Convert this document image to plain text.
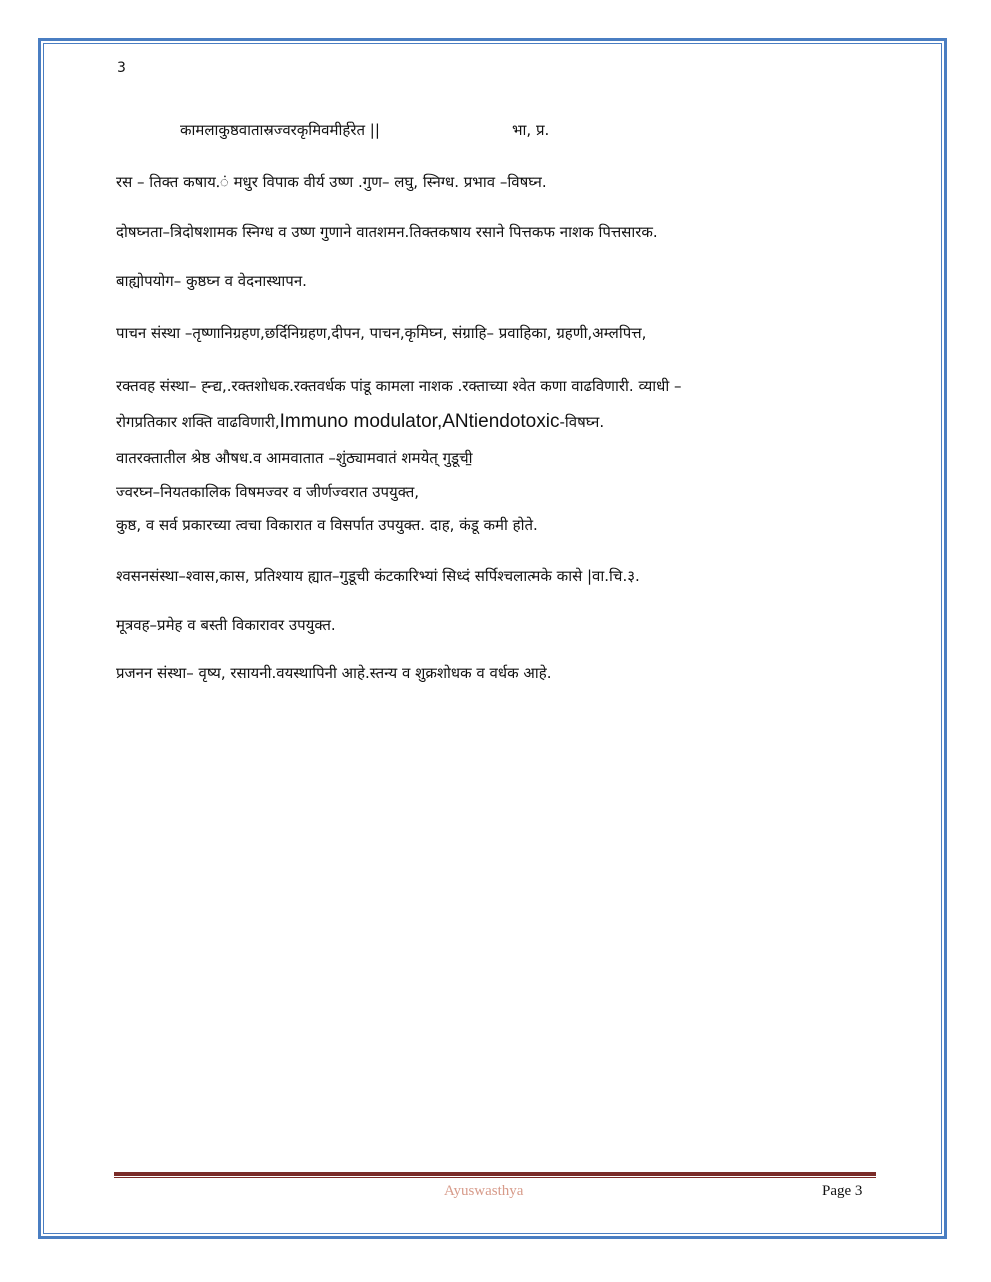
3
कामलाकुष्ठवातास्रज्वरकृमिवमीर्हरेत ||	भा, प्र.
रस – तिक्त कषाय.ं मधुर विपाक वीर्य उष्ण .गुण– लघु, स्निग्ध. प्रभाव –विषघ्न.
दोषघ्नता–त्रिदोषशामक स्निग्ध व उष्ण गुणाने वातशमन.तिक्तकषाय रसाने पित्तकफ नाशक पित्तसारक.
बाह्योपयोग– कुष्ठघ्न व वेदनास्थापन.
पाचन संस्था –तृष्णानिग्रहण,छर्दिनिग्रहण,दीपन, पाचन,कृमिघ्न, संग्राहि– प्रवाहिका, ग्रहणी,अम्लपित्त,
रक्तवह संस्था– ह्न्द्य,.रक्तशोधक.रक्तवर्धक पांडू कामला नाशक .रक्ताच्या श्वेत कणा वाढविणारी. व्याधी –
रोगप्रतिकार शक्ति वाढविणारी,Immuno modulator,ANtiendotoxic-विषघ्न.
वातरक्तातील श्रेष्ठ औषध.व आमवातात –शुंठ्यामवातं शमयेत् गुडूची॒
ज्वरघ्न–नियतकालिक विषमज्वर व जीर्णज्वरात उपयुक्त,
कुष्ठ, व सर्व प्रकारच्या त्वचा विकारात व विसर्पात उपयुक्त. दाह, कंडू कमी होते.
श्वसनसंस्था–श्वास,कास, प्रतिश्याय ह्यात–गुडूची कंटकारिभ्यां सिध्दं सर्पिश्चलात्मके कासे |वा.चि.३.
मूत्रवह–प्रमेह व बस्ती विकारावर उपयुक्त.
प्रजनन संस्था– वृष्य, रसायनी.वयस्थापिनी आहे.स्तन्य व शुक्रशोधक व वर्धक आहे.
Ayuswasthya	Page 3
